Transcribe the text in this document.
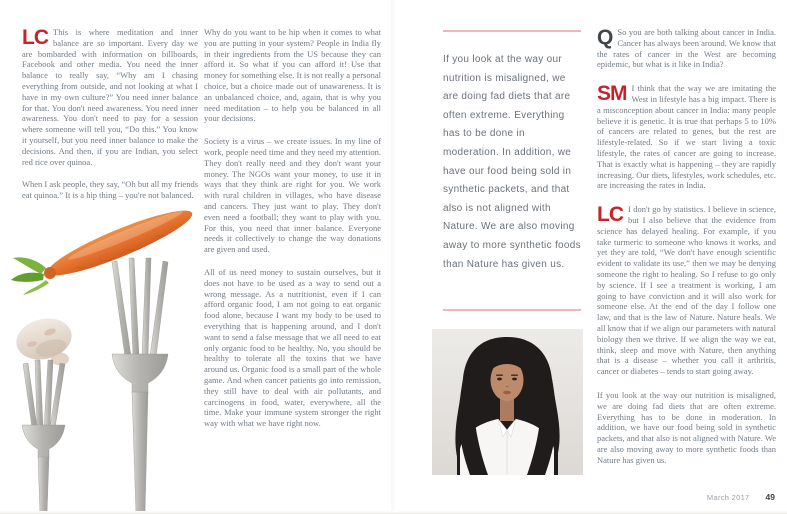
LC This is where meditation and inner balance are so important. Every day we are bombarded with information on billboards, Facebook and other media. You need the inner balance to really say, “Why am I chasing everything from outside, and not looking at what I have in my own culture?” You need inner balance for that. You don't need awareness. You need inner awareness. You don't need to pay for a session where someone will tell you, “Do this.” You know it yourself, but you need inner balance to make the decisions. And then, if you are Indian, you select red rice over quinoa.

When I ask people, they say, “Oh but all my friends eat quinoa.” It is a hip thing – you're not balanced.

Why do you want to be hip when it comes to what you are putting in your system? People in India fly in their ingredients from the US because they can afford it. So what if you can afford it! Use that money for something else. It is not really a personal choice, but a choice made out of unawareness. It is an unbalanced choice, and, again, that is why you need meditation – to help you be balanced in all your decisions.

Society is a virus – we create issues. In my line of work, people need time and they need my attention. They don't really need and they don't want your money. The NGOs want your money, to use it in ways that they think are right for you. We work with rural children in villages, who have disease and cancers. They just want to play. They don't even need a football; they want to play with you. For this, you need that inner balance. Everyone needs it collectively to change the way donations are given and used.

All of us need money to sustain ourselves, but it does not have to be used as a way to send out a wrong message. As a nutritionist, even if I can afford organic food, I am not going to eat organic food alone, because I want my body to be used to everything that is happening around, and I don't want to send a false message that we all need to eat only organic food to be healthy. No, you should be healthy to tolerate all the toxins that we have around us. Organic food is a small part of the whole game. And when cancer patients go into remission, they still have to deal with air pollutants, and carcinogens in food, water, everywhere, all the time. Make your immune system stronger the right way with what we have right now.

If you look at the way our nutrition is misaligned, we are doing fad diets that are often extreme. Everything has to be done in moderation. In addition, we have our food being sold in synthetic packets, and that also is not aligned with Nature. We are also moving away to more synthetic foods than Nature has given us.

Q So you are both talking about cancer in India. Cancer has always been around. We know that the rates of cancer in the West are becoming epidemic, but what is it like in India?

SM I think that the way we are imitating the West in lifestyle has a big impact. There is a misconception about cancer in India: many people believe it is genetic. It is true that perhaps 5 to 10% of cancers are related to genes, but the rest are lifestyle-related. So if we start living a toxic lifestyle, the rates of cancer are going to increase. That is exactly what is happening – they are rapidly increasing. Our diets, lifestyles, work schedules, etc. are increasing the rates in India.

LC I don't go by statistics. I believe in science, but I also believe that the evidence from science has delayed healing. For example, if you take turmeric to someone who knows it works, and yet they are told, “We don't have enough scientific evident to validate its use,” then we may be denying someone the right to healing. So I refuse to go only by science. If I see a treatment is working, I am going to have conviction and it will also work for someone else. At the end of the day I follow one law, and that is the law of Nature. Nature heals. We all know that if we align our parameters with natural biology then we thrive. If we align the way we eat, think, sleep and move with Nature, then anything that is a disease – whether you call it arthritis, cancer or diabetes – tends to start going away.

If you look at the way our nutrition is misaligned, we are doing fad diets that are often extreme. Everything has to be done in moderation. In addition, we have our food being sold in synthetic packets, and that also is not aligned with Nature. We are also moving away to more synthetic foods than Nature has given us.

March 2017 49
